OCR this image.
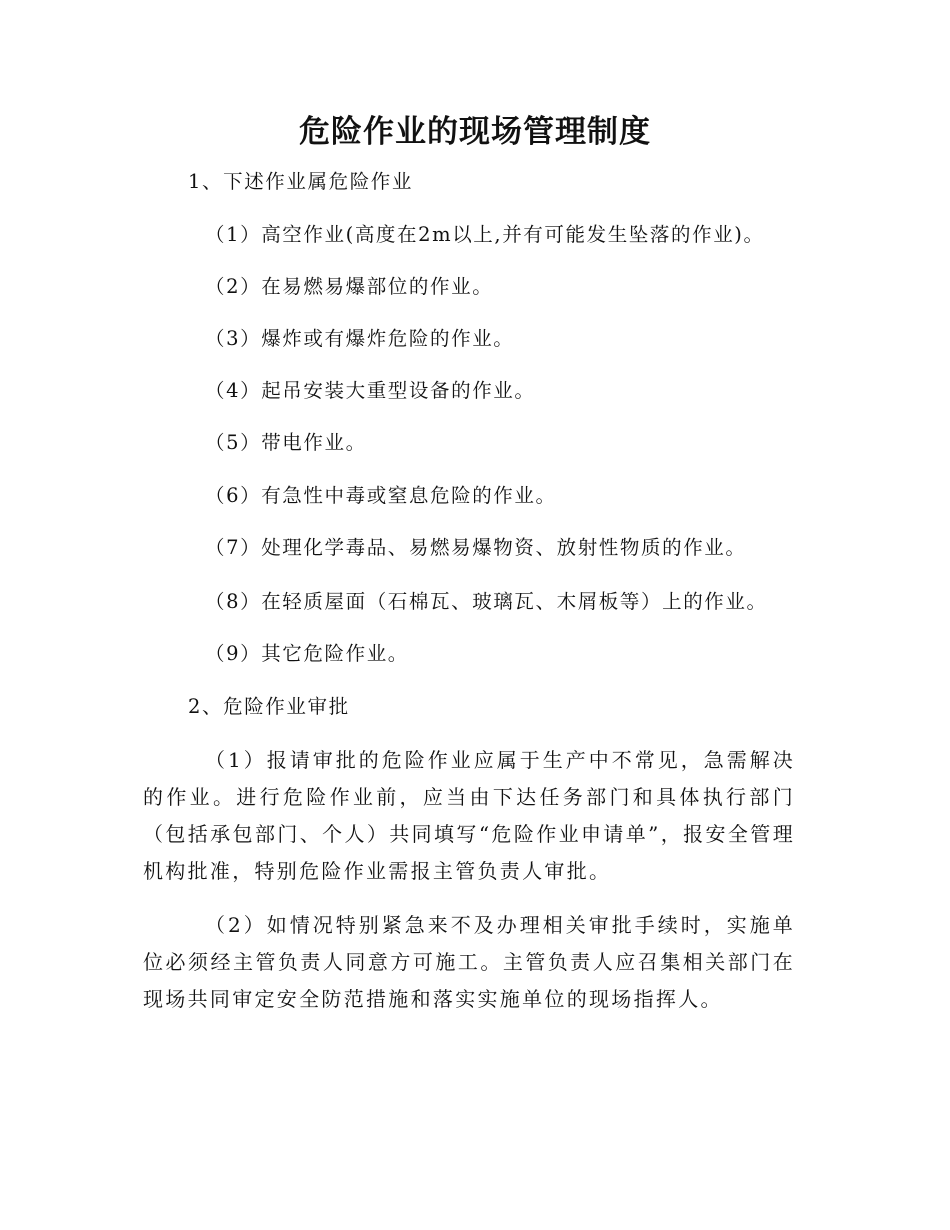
危险作业的现场管理制度
1、下述作业属危险作业
（1）高空作业(高度在2m以上,并有可能发生坠落的作业)。
（2）在易燃易爆部位的作业。
（3）爆炸或有爆炸危险的作业。
（4）起吊安装大重型设备的作业。
（5）带电作业。
（6）有急性中毒或窒息危险的作业。
（7）处理化学毒品、易燃易爆物资、放射性物质的作业。
（8）在轻质屋面（石棉瓦、玻璃瓦、木屑板等）上的作业。
（9）其它危险作业。
2、危险作业审批
（1）报请审批的危险作业应属于生产中不常见，急需解决的作业。进行危险作业前，应当由下达任务部门和具体执行部门（包括承包部门、个人）共同填写“危险作业申请单”，报安全管理机构批准，特别危险作业需报主管负责人审批。
（2）如情况特别紧急来不及办理相关审批手续时，实施单位必须经主管负责人同意方可施工。主管负责人应召集相关部门在现场共同审定安全防范措施和落实实施单位的现场指挥人。
